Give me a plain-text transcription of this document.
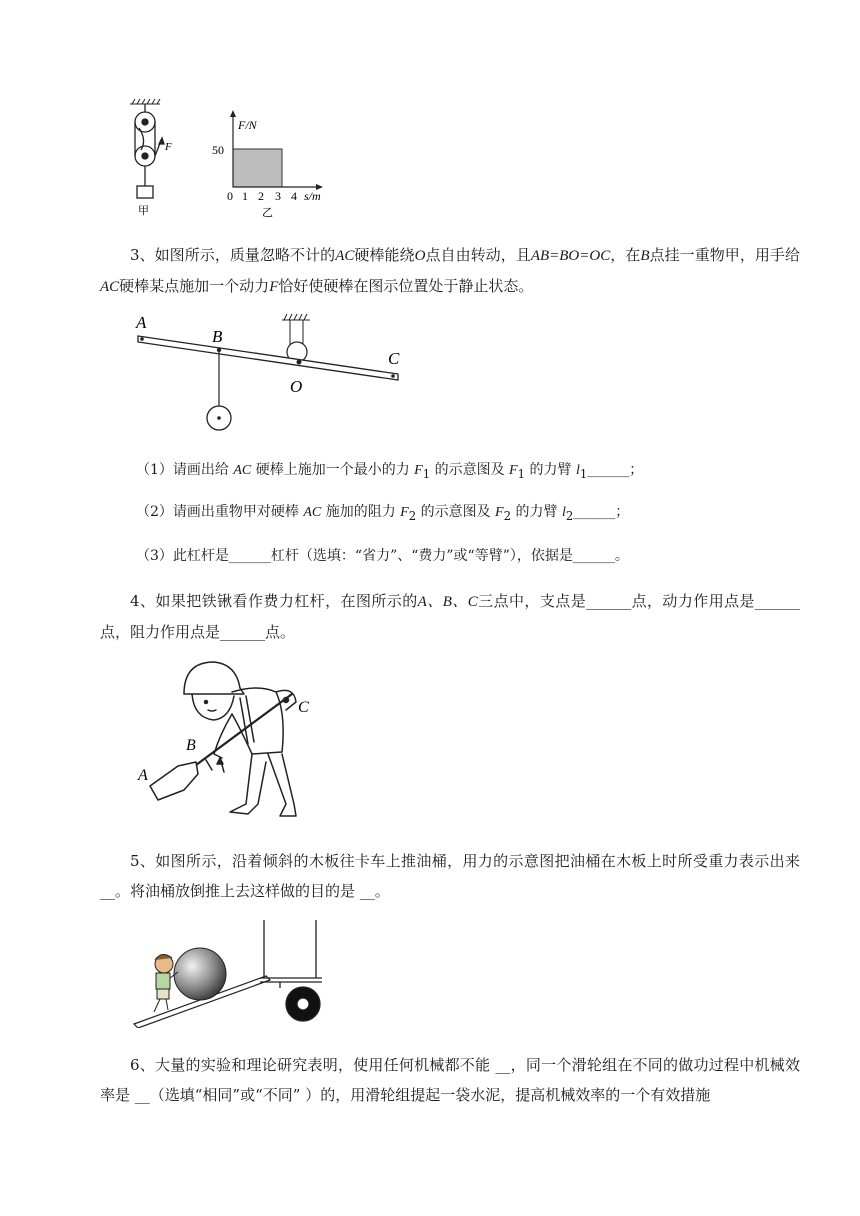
F
甲
F/N
50
0 1 2 3 4 s/m
乙

3、如图所示，质量忽略不计的AC硬棒能绕O点自由转动，且AB=BO=OC，在B点挂一重物甲，用手给AC硬棒某点施加一个动力F恰好使硬棒在图示位置处于静止状态。

A
B
O
C

（1）请画出给 AC 硬棒上施加一个最小的力 $F_1$ 的示意图及 $F_1$ 的力臂 $l_1\_\_\_\_\_\_$；

（2）请画出重物甲对硬棒 AC 施加的阻力 $F_2$ 的示意图及 $F_2$ 的力臂 $l_2\_\_\_\_\_\_$；

（3）此杠杆是______杠杆（选填：“省力”、“费力”或“等臂”），依据是______。

4、如果把铁锹看作费力杠杆，在图所示的A、B、C三点中，支点是______点，动力作用点是______点，阻力作用点是______点。

C
B
A

5、如图所示，沿着倾斜的木板往卡车上推油桶，用力的示意图把油桶在木板上时所受重力表示出来__。将油桶放倒推上去这样做的目的是 __。

6、大量的实验和理论研究表明，使用任何机械都不能 __，同一个滑轮组在不同的做功过程中机械效率是 __（选填“相同”或“不同” ）的，用滑轮组提起一袋水泥，提高机械效率的一个有效措施
